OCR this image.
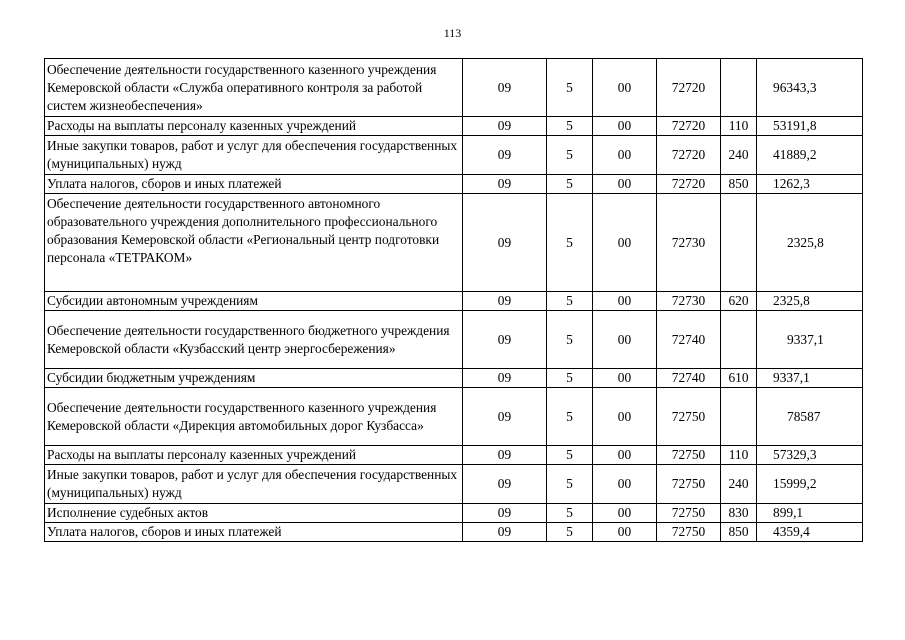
113
Обеспечение деятельности государственного казенного учреждения Кемеровской области «Служба оперативного контроля за работой систем жизнеобеспечения»	09	5	00	72720		96343,3
Расходы на выплаты персоналу казенных учреждений	09	5	00	72720	110	53191,8
Иные закупки товаров, работ и услуг для обеспечения государственных (муниципальных) нужд	09	5	00	72720	240	41889,2
Уплата налогов, сборов и иных платежей	09	5	00	72720	850	1262,3
Обеспечение деятельности государственного автономного образовательного учреждения дополнительного профессионального образования Кемеровской области «Региональный центр подготовки персонала «ТЕТРАКОМ»	09	5	00	72730		2325,8
Субсидии автономным учреждениям	09	5	00	72730	620	2325,8
Обеспечение деятельности государственного бюджетного учреждения Кемеровской области «Кузбасский центр энергосбережения»	09	5	00	72740		9337,1
Субсидии бюджетным учреждениям	09	5	00	72740	610	9337,1
Обеспечение деятельности государственного казенного учреждения Кемеровской области «Дирекция автомобильных дорог Кузбасса»	09	5	00	72750		78587
Расходы на выплаты персоналу казенных учреждений	09	5	00	72750	110	57329,3
Иные закупки товаров, работ и услуг для обеспечения государственных (муниципальных) нужд	09	5	00	72750	240	15999,2
Исполнение судебных актов	09	5	00	72750	830	899,1
Уплата налогов, сборов и иных платежей	09	5	00	72750	850	4359,4
